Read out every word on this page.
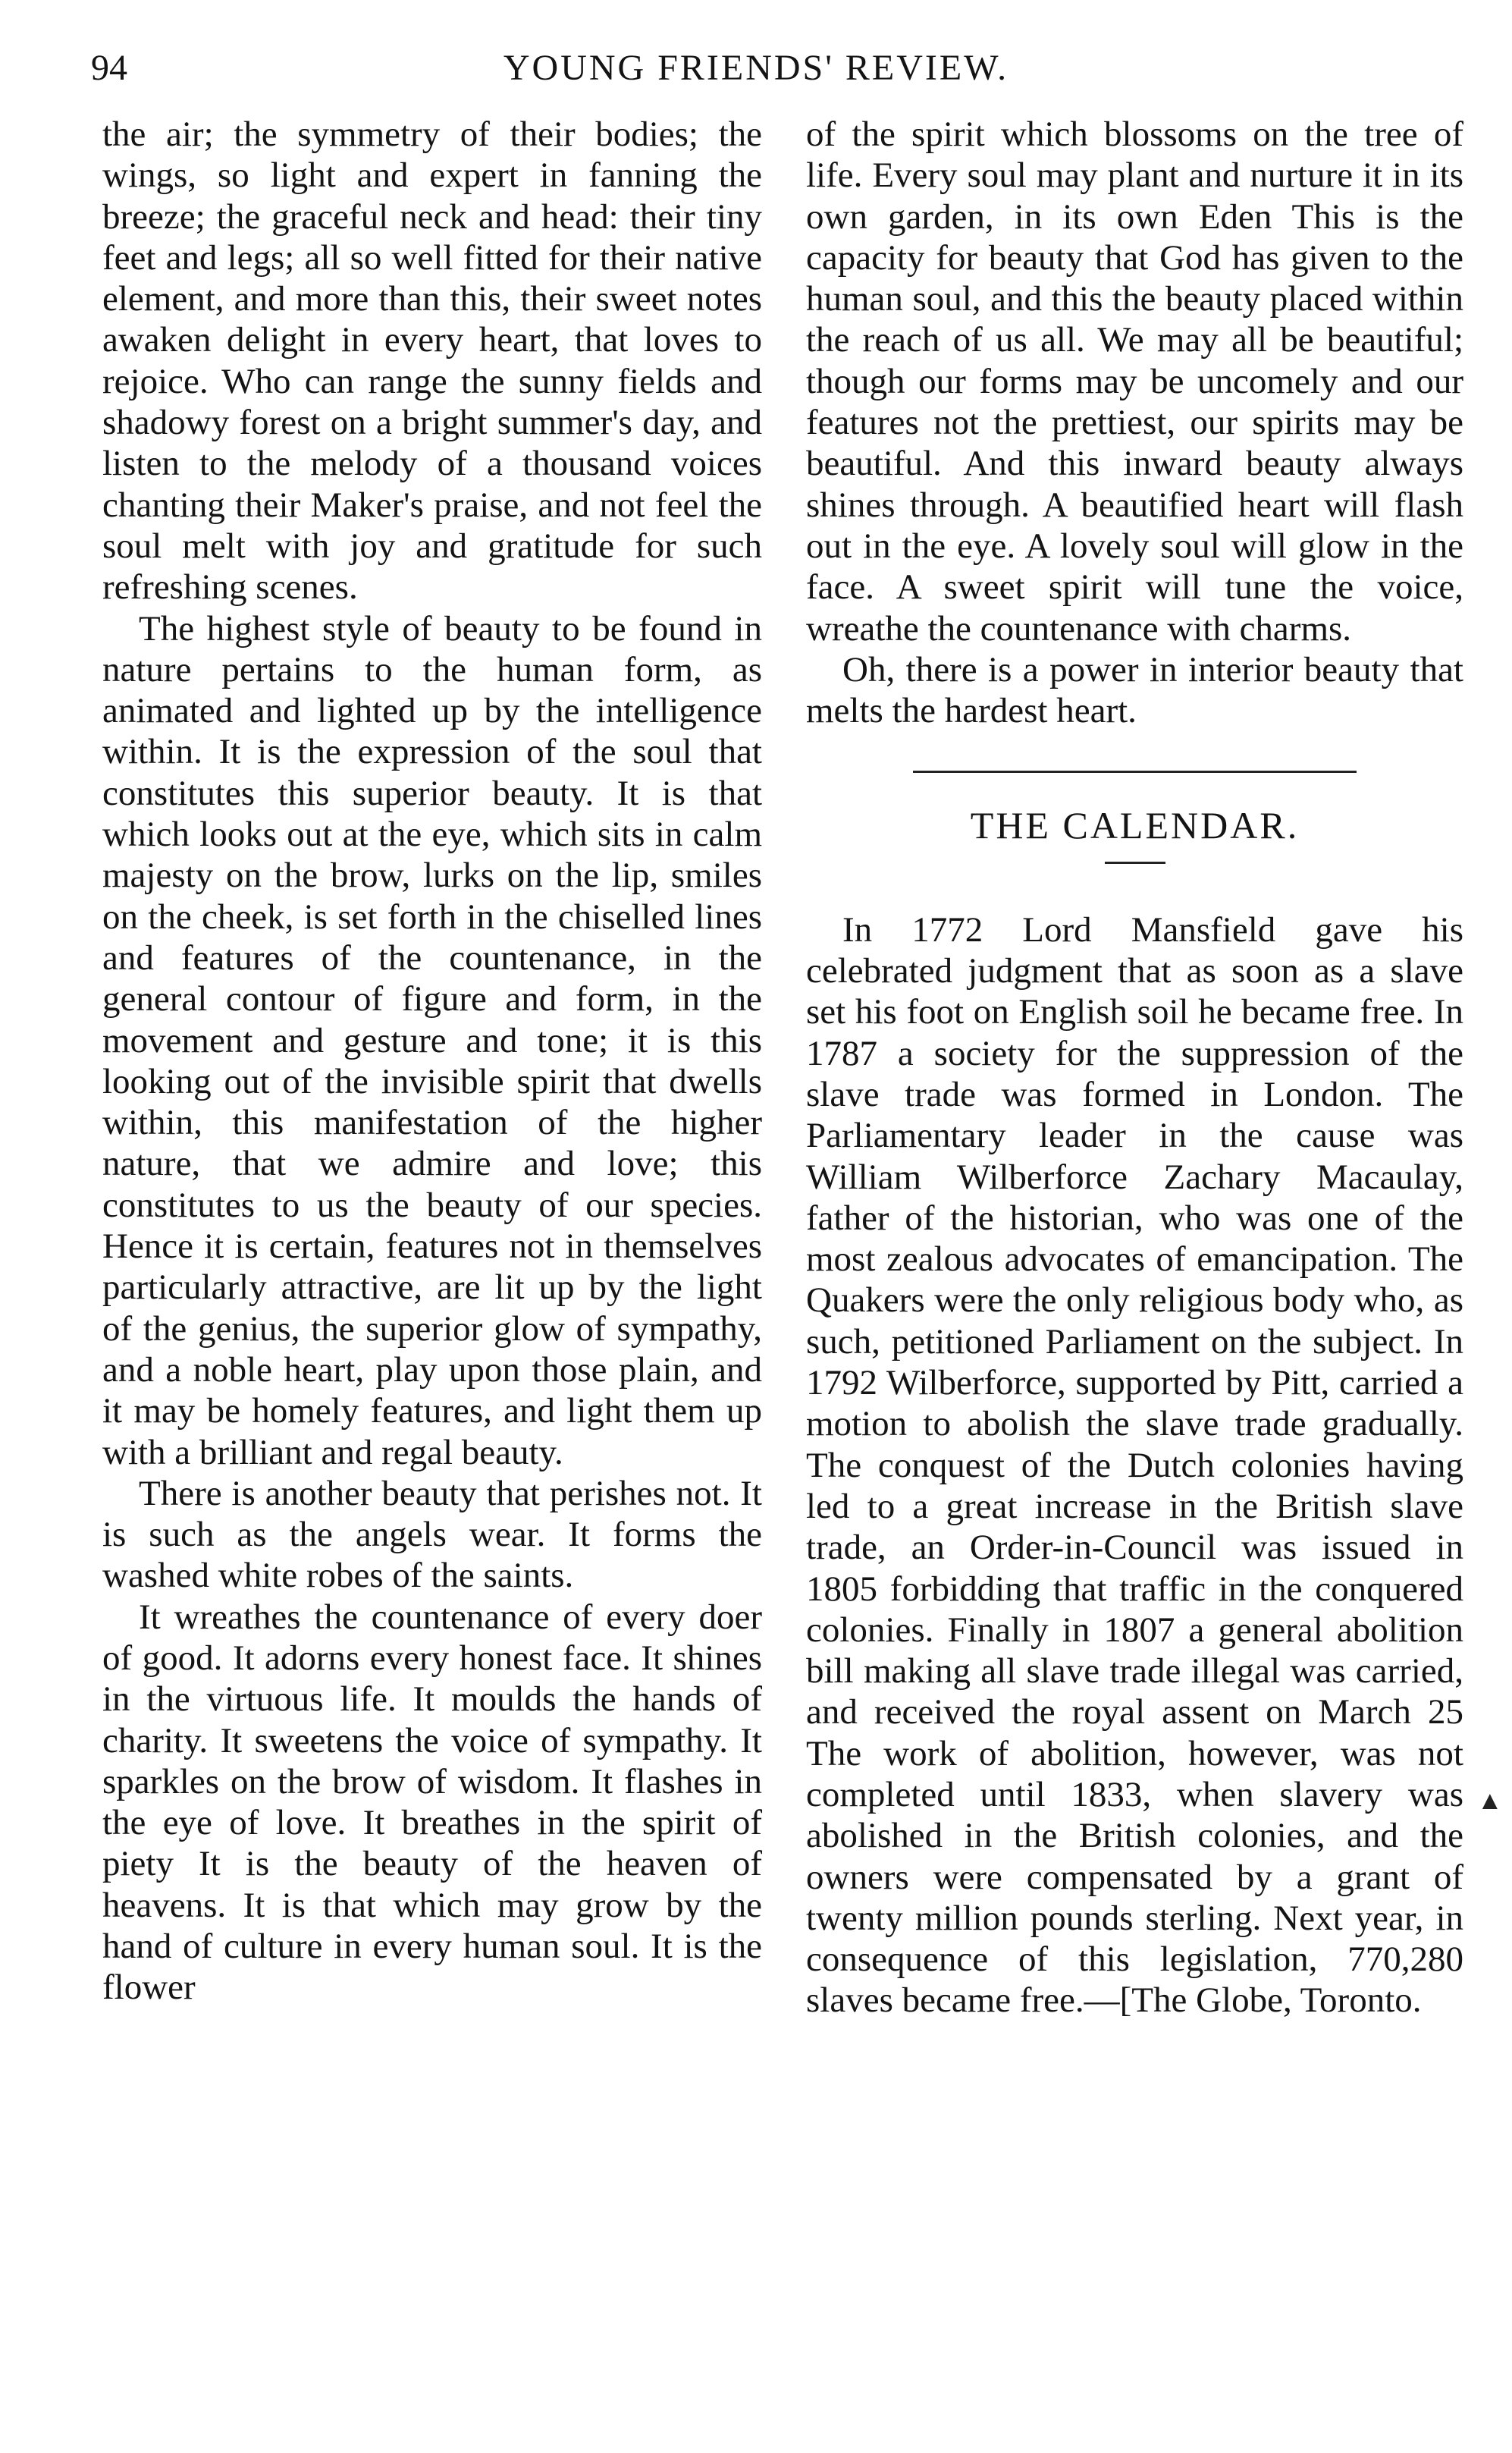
94	YOUNG FRIENDS' REVIEW.

the air; the symmetry of their bodies; the wings, so light and expert in fanning the breeze; the graceful neck and head: their tiny feet and legs; all so well fitted for their native element, and more than this, their sweet notes awaken delight in every heart, that loves to rejoice. Who can range the sunny fields and shadowy forest on a bright summer's day, and listen to the melody of a thousand voices chanting their Maker's praise, and not feel the soul melt with joy and gratitude for such refreshing scenes.

The highest style of beauty to be found in nature pertains to the human form, as animated and lighted up by the intelligence within. It is the expression of the soul that constitutes this superior beauty. It is that which looks out at the eye, which sits in calm majesty on the brow, lurks on the lip, smiles on the cheek, is set forth in the chiselled lines and features of the countenance, in the general contour of figure and form, in the movement and gesture and tone; it is this looking out of the invisible spirit that dwells within, this manifestation of the higher nature, that we admire and love; this constitutes to us the beauty of our species. Hence it is certain, features not in themselves particularly attractive, are lit up by the light of the genius, the superior glow of sympathy, and a noble heart, play upon those plain, and it may be homely features, and light them up with a brilliant and regal beauty.

There is another beauty that perishes not. It is such as the angels wear. It forms the washed white robes of the saints.

It wreathes the countenance of every doer of good. It adorns every honest face. It shines in the virtuous life. It moulds the hands of charity. It sweetens the voice of sympathy. It sparkles on the brow of wisdom. It flashes in the eye of love. It breathes in the spirit of piety It is the beauty of the heaven of heavens. It is that which may grow by the hand of culture in every human soul. It is the flower

of the spirit which blossoms on the tree of life. Every soul may plant and nurture it in its own garden, in its own Eden This is the capacity for beauty that God has given to the human soul, and this the beauty placed within the reach of us all. We may all be beautiful; though our forms may be uncomely and our features not the prettiest, our spirits may be beautiful. And this inward beauty always shines through. A beautified heart will flash out in the eye. A lovely soul will glow in the face. A sweet spirit will tune the voice, wreathe the countenance with charms.

Oh, there is a power in interior beauty that melts the hardest heart.

THE CALENDAR.

In 1772 Lord Mansfield gave his celebrated judgment that as soon as a slave set his foot on English soil he became free. In 1787 a society for the suppression of the slave trade was formed in London. The Parliamentary leader in the cause was William Wilberforce Zachary Macaulay, father of the historian, who was one of the most zealous advocates of emancipation. The Quakers were the only religious body who, as such, petitioned Parliament on the subject. In 1792 Wilberforce, supported by Pitt, carried a motion to abolish the slave trade gradually. The conquest of the Dutch colonies having led to a great increase in the British slave trade, an Order-in-Council was issued in 1805 forbidding that traffic in the conquered colonies. Finally in 1807 a general abolition bill making all slave trade illegal was carried, and received the royal assent on March 25 The work of abolition, however, was not completed until 1833, when slavery was abolished in the British colonies, and the owners were compensated by a grant of twenty million pounds sterling. Next year, in consequence of this legislation, 770,280 slaves became free.—[The Globe, Toronto.

▲
